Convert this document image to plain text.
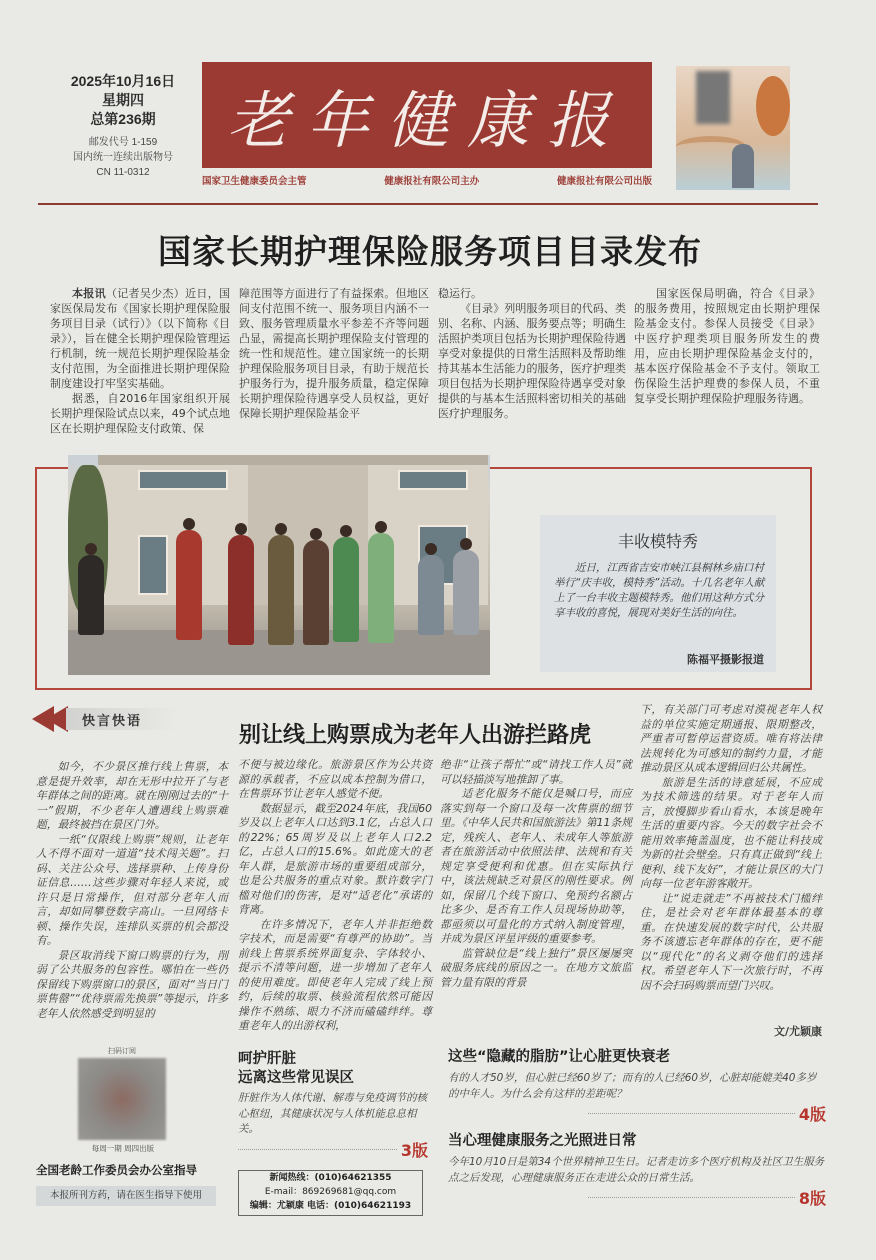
2025年10月16日
星期四
总第236期
邮发代号 1-159
国内统一连续出版物号
CN 11-0312
老年健康报
国家卫生健康委员会主管	健康报社有限公司主办	健康报社有限公司出版
国家长期护理保险服务项目目录发布

本报讯（记者吴少杰）近日，国家医保局发布《国家长期护理保险服务项目目录（试行）》（以下简称《目录》），旨在健全长期护理保险管理运行机制，统一规范长期护理保险基金支付范围，为全面推进长期护理保险制度建设打牢坚实基础。

据悉，自2016年国家组织开展长期护理保险试点以来，49个试点地区在长期护理保险支付政策、保

障范围等方面进行了有益探索。但地区间支付范围不统一、服务项目内涵不一致、服务管理质量水平参差不齐等问题凸显，需提高长期护理保险支付管理的统一性和规范性。建立国家统一的长期护理保险服务项目目录，有助于规范长护服务行为，提升服务质量，稳定保障长期护理保险待遇享受人员权益，更好保障长期护理保险基金平

稳运行。

《目录》列明服务项目的代码、类别、名称、内涵、服务要点等；明确生活照护类项目包括为长期护理保险待遇享受对象提供的日常生活照料及帮助维持其基本生活能力的服务，医疗护理类项目包括为长期护理保险待遇享受对象提供的与基本生活照料密切相关的基础医疗护理服务。

国家医保局明确，符合《目录》的服务费用，按照规定由长期护理保险基金支付。参保人员接受《目录》中医疗护理类项目服务所发生的费用，应由长期护理保险基金支付的，基本医疗保险基金不予支付。领取工伤保险生活护理费的参保人员，不重复享受长期护理保险护理服务待遇。

丰收模特秀
近日，江西省吉安市峡江县桐林乡庙口村举行“庆丰收，模特秀”活动。十几名老年人献上了一台丰收主题模特秀。他们用这种方式分享丰收的喜悦，展现对美好生活的向往。
陈福平摄影报道
快言快语
别让线上购票成为老年人出游拦路虎

如今，不少景区推行线上售票，本意是提升效率，却在无形中拉开了与老年群体之间的距离。就在刚刚过去的“十一”假期，不少老年人遭遇线上购票难题，最终被挡在景区门外。

一纸“仅限线上购票”规则，让老年人不得不面对一道道“技术闯关题”。扫码、关注公众号、选择票种、上传身份证信息……这些步骤对年轻人来说，或许只是日常操作，但对部分老年人而言，却如同攀登数字高山。一旦网络卡顿、操作失误，连排队买票的机会都没有。

景区取消线下窗口购票的行为，削弱了公共服务的包容性。哪怕在一些仍保留线下购票窗口的景区，面对“当日门票售罄”“优待票需先换票”等提示，许多老年人依然感受到明显的

不便与被边缘化。旅游景区作为公共资源的承载者，不应以成本控制为借口，在售票环节让老年人感觉不便。

数据显示，截至2024年底，我国60岁及以上老年人口达到3.1亿，占总人口的22%；65周岁及以上老年人口2.2亿，占总人口的15.6%。如此庞大的老年人群，是旅游市场的重要组成部分，也是公共服务的重点对象。默许数字门槛对他们的伤害，是对“适老化”承诺的背离。

在许多情况下，老年人并非拒绝数字技术，而是需要“有尊严的协助”。当前线上售票系统界面复杂、字体较小、提示不清等问题，进一步增加了老年人的使用难度。即使老年人完成了线上预约，后续的取票、核验流程依然可能因操作不熟练、眼力不济而磕磕绊绊。尊重老年人的出游权利，

绝非“让孩子帮忙”或“请找工作人员”就可以轻描淡写地推卸了事。

适老化服务不能仅是喊口号，而应落实到每一个窗口及每一次售票的细节里。《中华人民共和国旅游法》第11条规定，残疾人、老年人、未成年人等旅游者在旅游活动中依照法律、法规和有关规定享受便利和优惠。但在实际执行中，该法规缺乏对景区的刚性要求。例如，保留几个线下窗口、免预约名额占比多少、是否有工作人员现场协助等，都亟须以可量化的方式纳入制度管理，并成为景区评星评级的重要参考。

监管缺位是“线上独行”景区屡屡突破服务底线的原因之一。在地方文旅监管力量有限的背景

下，有关部门可考虑对漠视老年人权益的单位实施定期通报、限期整改，严重者可暂停运营资质。唯有将法律法规转化为可感知的制约力量，才能推动景区从成本逻辑回归公共属性。

旅游是生活的诗意延展，不应成为技术筛选的结果。对于老年人而言，放慢脚步看山看水，本该是晚年生活的重要内容。今天的数字社会不能用效率掩盖温度，也不能让科技成为新的社会壁垒。只有真正做到“线上便利、线下友好”，才能让景区的大门向每一位老年游客敞开。

让“说走就走”不再被技术门槛绊住，是社会对老年群体最基本的尊重。在快速发展的数字时代，公共服务不该遗忘老年群体的存在，更不能以“现代化”的名义剥夺他们的选择权。希望老年人下一次旅行时，不再因不会扫码购票而望门兴叹。

文/尤颖康
扫码订阅
每周一期 周四出版
全国老龄工作委员会办公室指导
本报所刊方药，请在医生指导下使用
呵护肝脏
远离这些常见误区
肝脏作为人体代谢、解毒与免疫调节的核心枢纽，其健康状况与人体机能息息相关。
3版
新闻热线：(010)64621355
E-mail：869269681@qq.com
编辑：尤颖康 电话：(010)64621193
这些“隐藏的脂肪”让心脏更快衰老
有的人才50岁，但心脏已经60岁了；而有的人已经60岁，心脏却能媲美40多岁的中年人。为什么会有这样的差距呢？
4版
当心理健康服务之光照进日常
今年10月10日是第34个世界精神卫生日。记者走访多个医疗机构及社区卫生服务点之后发现，心理健康服务正在走进公众的日常生活。
8版
